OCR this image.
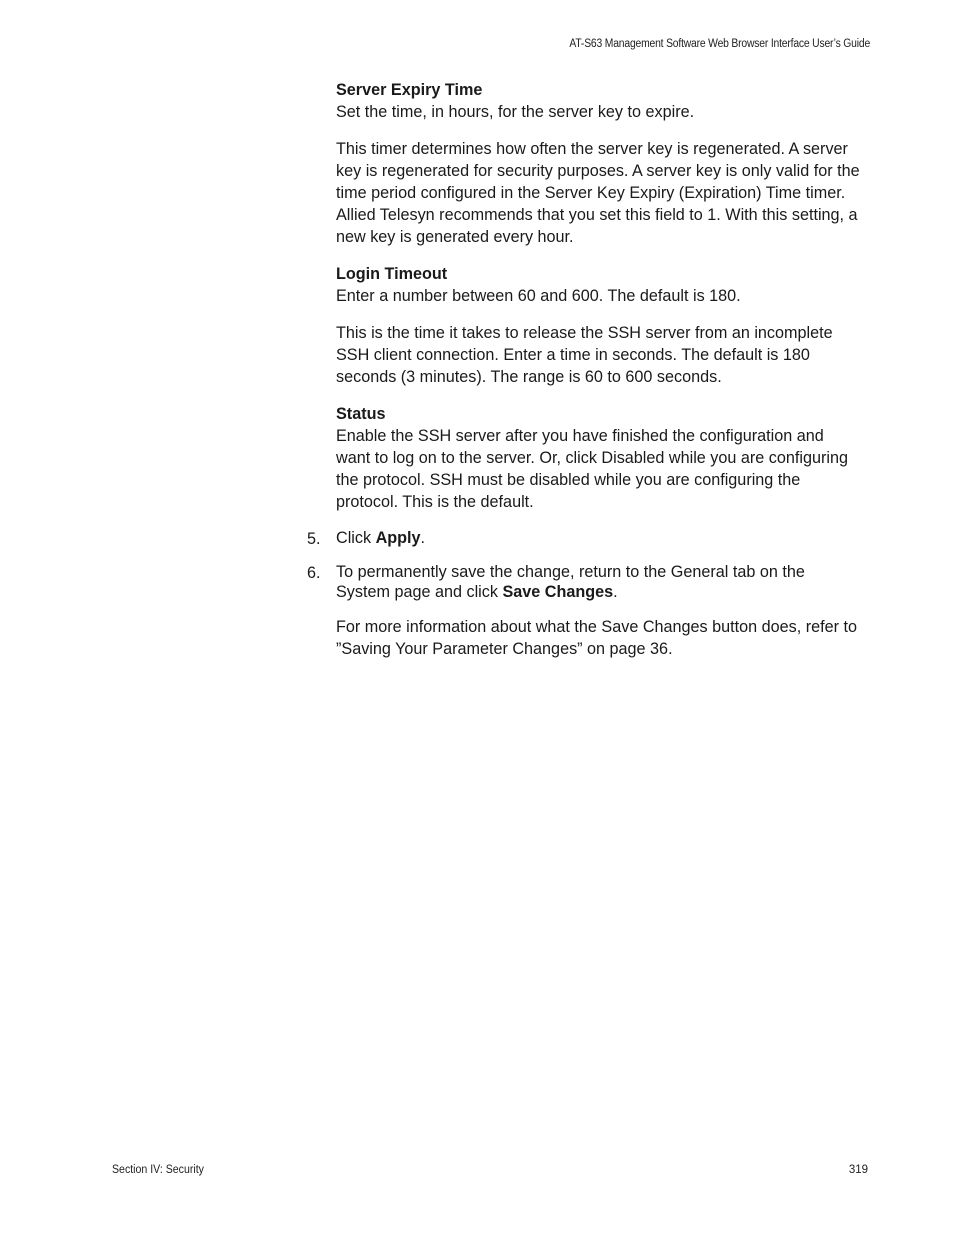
AT-S63 Management Software Web Browser Interface User’s Guide

Server Expiry Time

Set the time, in hours, for the server key to expire.

This timer determines how often the server key is regenerated. A server key is regenerated for security purposes. A server key is only valid for the time period configured in the Server Key Expiry (Expiration) Time timer. Allied Telesyn recommends that you set this field to 1. With this setting, a new key is generated every hour.

Login Timeout

Enter a number between 60 and 600. The default is 180.

This is the time it takes to release the SSH server from an incomplete SSH client connection. Enter a time in seconds. The default is 180 seconds (3 minutes). The range is 60 to 600 seconds.

Status

Enable the SSH server after you have finished the configuration and want to log on to the server. Or, click Disabled while you are configuring the protocol. SSH must be disabled while you are configuring the protocol. This is the default.

5. Click Apply.

6. To permanently save the change, return to the General tab on the System page and click Save Changes.

For more information about what the Save Changes button does, refer to ”Saving Your Parameter Changes” on page 36.

Section IV: Security	319
